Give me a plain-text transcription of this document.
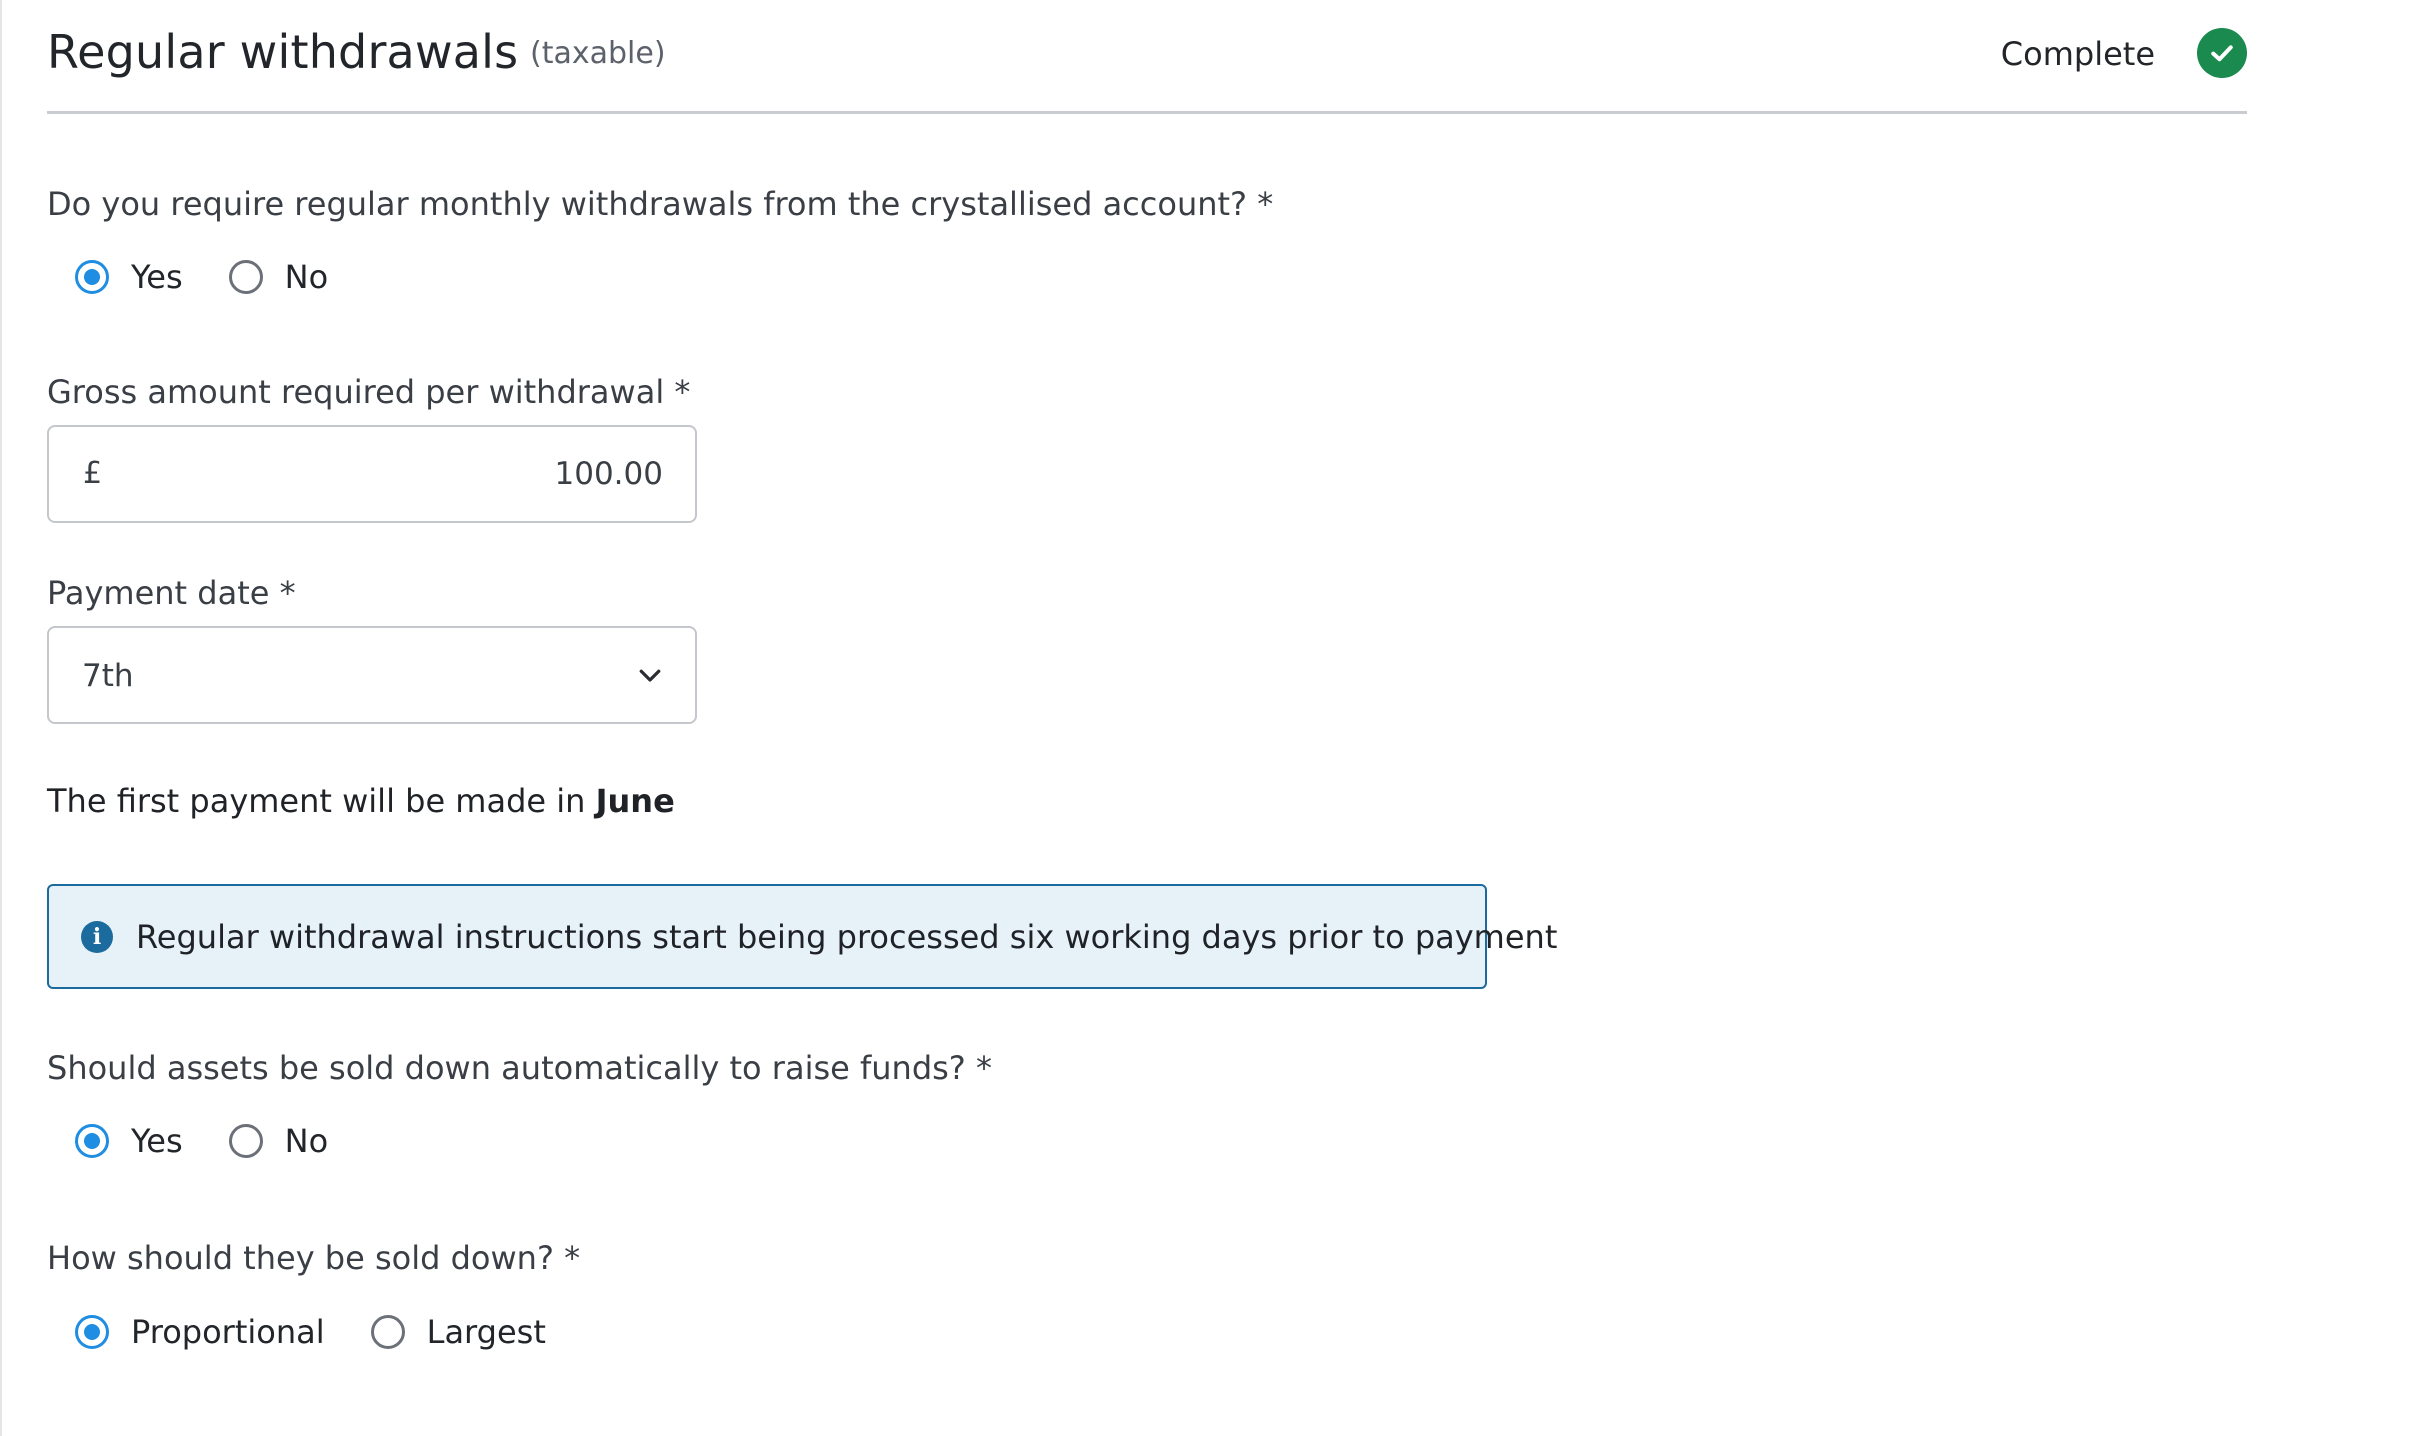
Regular withdrawals (taxable)	Complete
Do you require regular monthly withdrawals from the crystallised account? *
Yes	No
Gross amount required per withdrawal *
£	100.00
Payment date *
7th
The first payment will be made in June
i	Regular withdrawal instructions start being processed six working days prior to payment
Should assets be sold down automatically to raise funds? *
Yes	No
How should they be sold down? *
Proportional	Largest
